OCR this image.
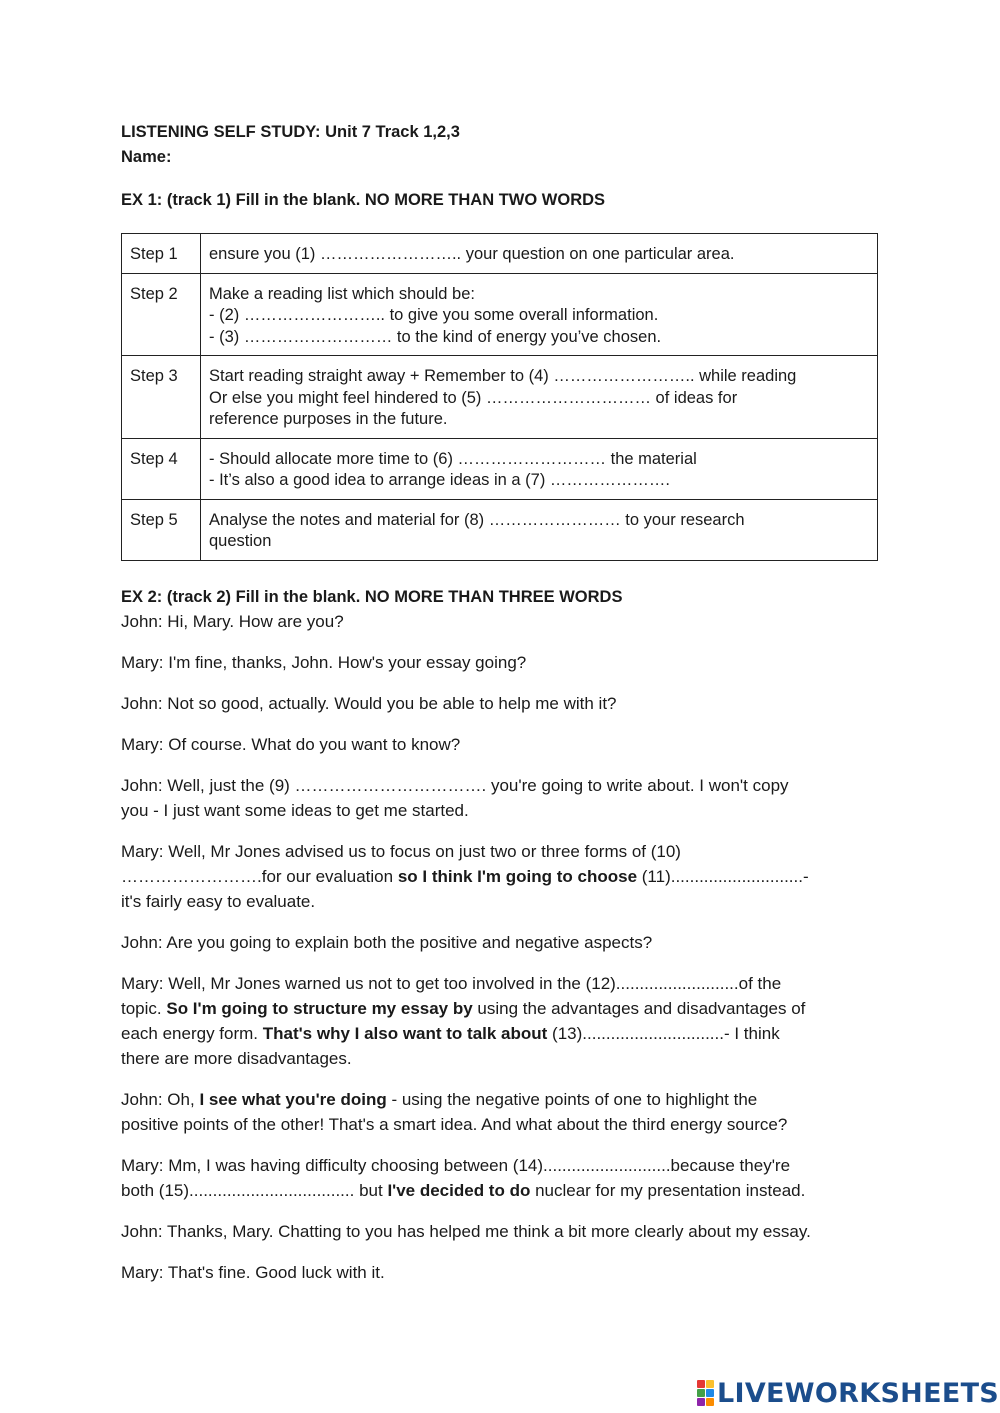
LISTENING SELF STUDY: Unit 7 Track 1,2,3
Name:
EX 1: (track 1) Fill in the blank. NO MORE THAN TWO WORDS
Step 1	ensure you (1) …………………….. your question on one particular area.

Step 2	Make a reading list which should be:
- (2) …………………….. to give you some overall information.
- (3) ……………………… to the kind of energy you’ve chosen.

Step 3	Start reading straight away + Remember to (4) …………………….. while reading
Or else you might feel hindered to (5) ………………………… of ideas for
reference purposes in the future.

Step 4	- Should allocate more time to (6) ……………………… the material
- It’s also a good idea to arrange ideas in a (7) ………………….

Step 5	Analyse the notes and material for (8) …………………… to your research
question
EX 2: (track 2) Fill in the blank. NO MORE THAN THREE WORDS

John: Hi, Mary. How are you?

Mary: I'm fine, thanks, John. How's your essay going?

John: Not so good, actually. Would you be able to help me with it?

Mary: Of course. What do you want to know?

John: Well, just the (9) ……………………………. you're going to write about. I won't copy
you - I just want some ideas to get me started.

Mary: Well, Mr Jones advised us to focus on just two or three forms of (10)
…………………….for our evaluation so I think I'm going to choose (11)............................-
it's fairly easy to evaluate.

John: Are you going to explain both the positive and negative aspects?

Mary: Well, Mr Jones warned us not to get too involved in the (12)..........................of the
topic. So I'm going to structure my essay by using the advantages and disadvantages of
each energy form. That's why I also want to talk about (13)..............................- I think
there are more disadvantages.

John: Oh, I see what you're doing - using the negative points of one to highlight the
positive points of the other! That's a smart idea. And what about the third energy source?

Mary: Mm, I was having difficulty choosing between (14)...........................because they're
both (15)................................... but I've decided to do nuclear for my presentation instead.

John: Thanks, Mary. Chatting to you has helped me think a bit more clearly about my essay.

Mary: That's fine. Good luck with it.

LIVEWORKSHEETS
